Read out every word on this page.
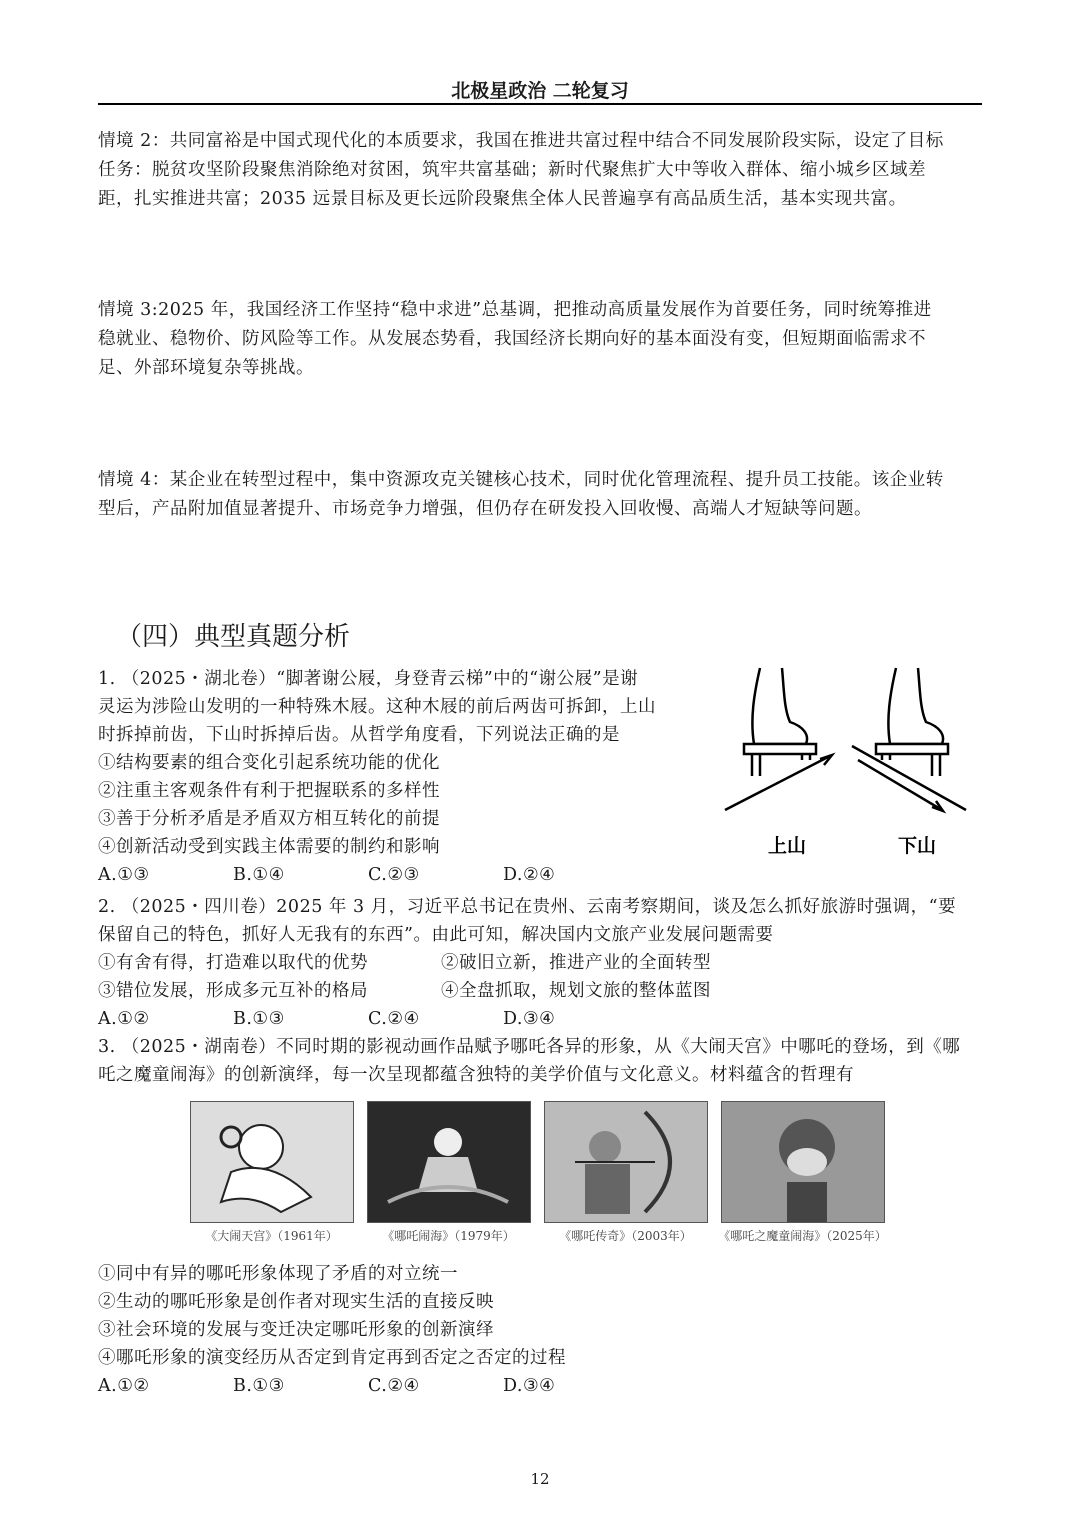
北极星政治 二轮复习
情境 2：共同富裕是中国式现代化的本质要求，我国在推进共富过程中结合不同发展阶段实际，设定了目标
任务：脱贫攻坚阶段聚焦消除绝对贫困，筑牢共富基础；新时代聚焦扩大中等收入群体、缩小城乡区域差
距，扎实推进共富；2035 远景目标及更长远阶段聚焦全体人民普遍享有高品质生活，基本实现共富。
情境 3:2025 年，我国经济工作坚持“稳中求进”总基调，把推动高质量发展作为首要任务，同时统筹推进
稳就业、稳物价、防风险等工作。从发展态势看，我国经济长期向好的基本面没有变，但短期面临需求不
足、外部环境复杂等挑战。
情境 4：某企业在转型过程中，集中资源攻克关键核心技术，同时优化管理流程、提升员工技能。该企业转
型后，产品附加值显著提升、市场竞争力增强，但仍存在研发投入回收慢、高端人才短缺等问题。
（四）典型真题分析
1. （2025・湖北卷）“脚著谢公屐，身登青云梯”中的“谢公屐”是谢
灵运为涉险山发明的一种特殊木屐。这种木屐的前后两齿可拆卸，上山
时拆掉前齿，下山时拆掉后齿。从哲学角度看，下列说法正确的是
①结构要素的组合变化引起系统功能的优化
②注重主客观条件有利于把握联系的多样性
③善于分析矛盾是矛盾双方相互转化的前提
④创新活动受到实践主体需要的制约和影响
A.①③	B.①④	C.②③	D.②④
上山	下山
2. （2025・四川卷）2025 年 3 月，习近平总书记在贵州、云南考察期间，谈及怎么抓好旅游时强调，“要
保留自己的特色，抓好人无我有的东西”。由此可知，解决国内文旅产业发展问题需要
①有舍有得，打造难以取代的优势	②破旧立新，推进产业的全面转型
③错位发展，形成多元互补的格局	④全盘抓取，规划文旅的整体蓝图
A.①②	B.①③	C.②④	D.③④
3. （2025・湖南卷）不同时期的影视动画作品赋予哪吒各异的形象，从《大闹天宫》中哪吒的登场，到《哪
吒之魔童闹海》的创新演绎，每一次呈现都蕴含独特的美学价值与文化意义。材料蕴含的哲理有
《大闹天宫》（1961年）	《哪吒闹海》（1979年）	《哪吒传奇》（2003年）	《哪吒之魔童闹海》（2025年）
①同中有异的哪吒形象体现了矛盾的对立统一
②生动的哪吒形象是创作者对现实生活的直接反映
③社会环境的发展与变迁决定哪吒形象的创新演绎
④哪吒形象的演变经历从否定到肯定再到否定之否定的过程
A.①②	B.①③	C.②④	D.③④
12
